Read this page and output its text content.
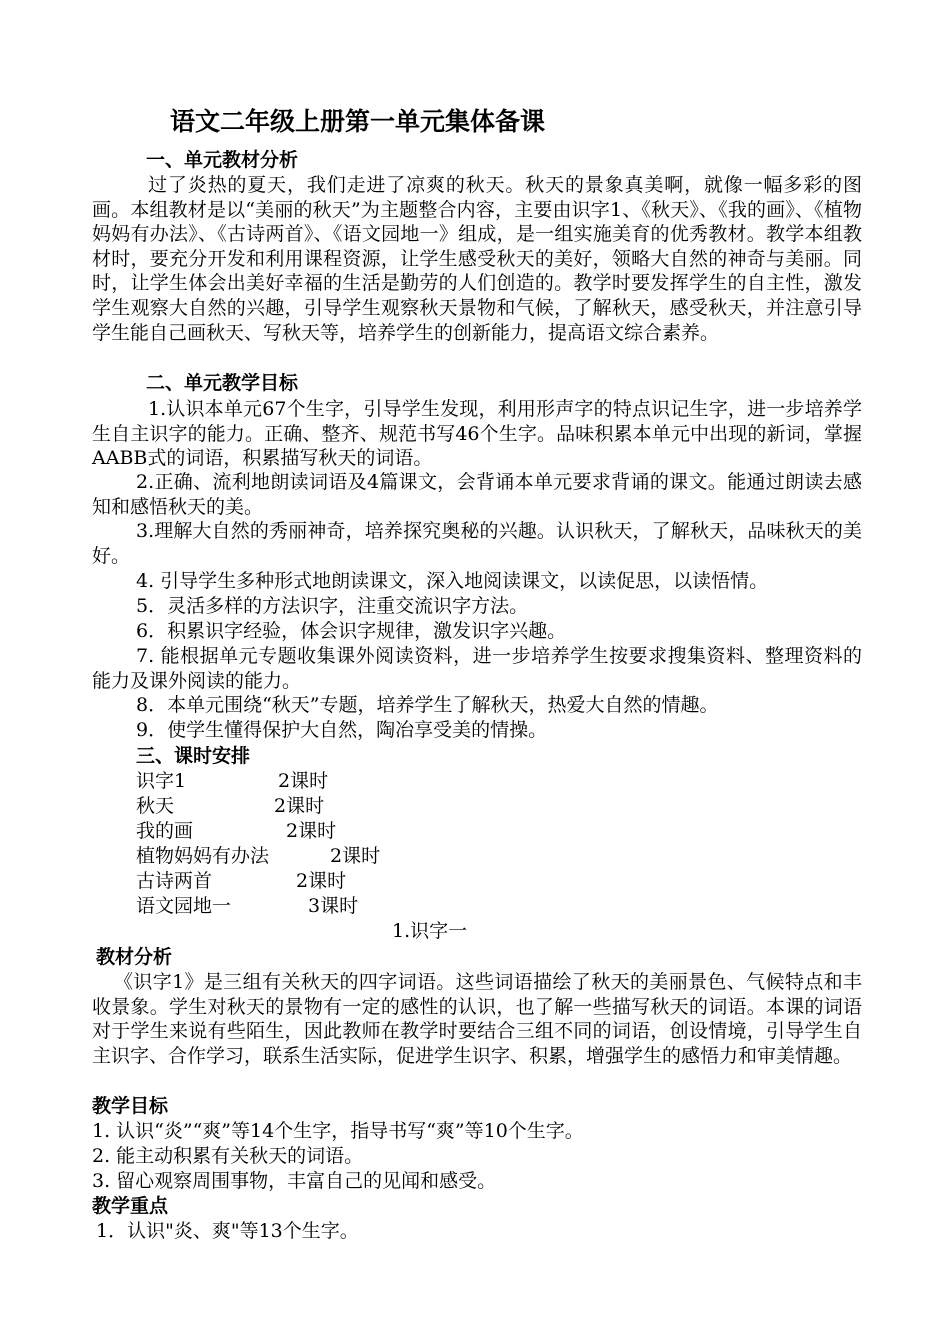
语文二年级上册第一单元集体备课
一、单元教材分析
过了炎热的夏天，我们走进了凉爽的秋天。秋天的景象真美啊，就像一幅多彩的图画。本组教材是以“美丽的秋天”为主题整合内容，主要由识字1、《秋天》、《我的画》、《植物妈妈有办法》、《古诗两首》、《语文园地一》组成，是一组实施美育的优秀教材。教学本组教材时，要充分开发和利用课程资源，让学生感受秋天的美好，领略大自然的神奇与美丽。同时，让学生体会出美好幸福的生活是勤劳的人们创造的。教学时要发挥学生的自主性，激发学生观察大自然的兴趣，引导学生观察秋天景物和气候，了解秋天，感受秋天，并注意引导学生能自己画秋天、写秋天等，培养学生的创新能力，提高语文综合素养。
二、单元教学目标
1.认识本单元67个生字，引导学生发现，利用形声字的特点识记生字，进一步培养学生自主识字的能力。正确、整齐、规范书写46个生字。品味积累本单元中出现的新词，掌握AABB式的词语，积累描写秋天的词语。
2.正确、流利地朗读词语及4篇课文，会背诵本单元要求背诵的课文。能通过朗读去感知和感悟秋天的美。
3.理解大自然的秀丽神奇，培养探究奥秘的兴趣。认识秋天，了解秋天，品味秋天的美好。
4. 引导学生多种形式地朗读课文，深入地阅读课文，以读促思，以读悟情。
5．灵活多样的方法识字，注重交流识字方法。
6．积累识字经验，体会识字规律，激发识字兴趣。
7. 能根据单元专题收集课外阅读资料，进一步培养学生按要求搜集资料、整理资料的能力及课外阅读的能力。
8．本单元围绕“秋天”专题，培养学生了解秋天，热爱大自然的情趣。
9．使学生懂得保护大自然，陶冶享受美的情操。
三、课时安排
识字1	2课时
秋天	2课时
我的画	2课时
植物妈妈有办法	2课时
古诗两首	2课时
语文园地一	3课时
1.识字一
教材分析
《识字1》是三组有关秋天的四字词语。这些词语描绘了秋天的美丽景色、气候特点和丰收景象。学生对秋天的景物有一定的感性的认识，也了解一些描写秋天的词语。本课的词语对于学生来说有些陌生，因此教师在教学时要结合三组不同的词语，创设情境，引导学生自主识字、合作学习，联系生活实际，促进学生识字、积累，增强学生的感悟力和审美情趣。
教学目标
1. 认识“炎”“爽”等14个生字，指导书写“爽”等10个生字。
2. 能主动积累有关秋天的词语。
3. 留心观察周围事物，丰富自己的见闻和感受。
教学重点
1．认识"炎、爽"等13个生字。
